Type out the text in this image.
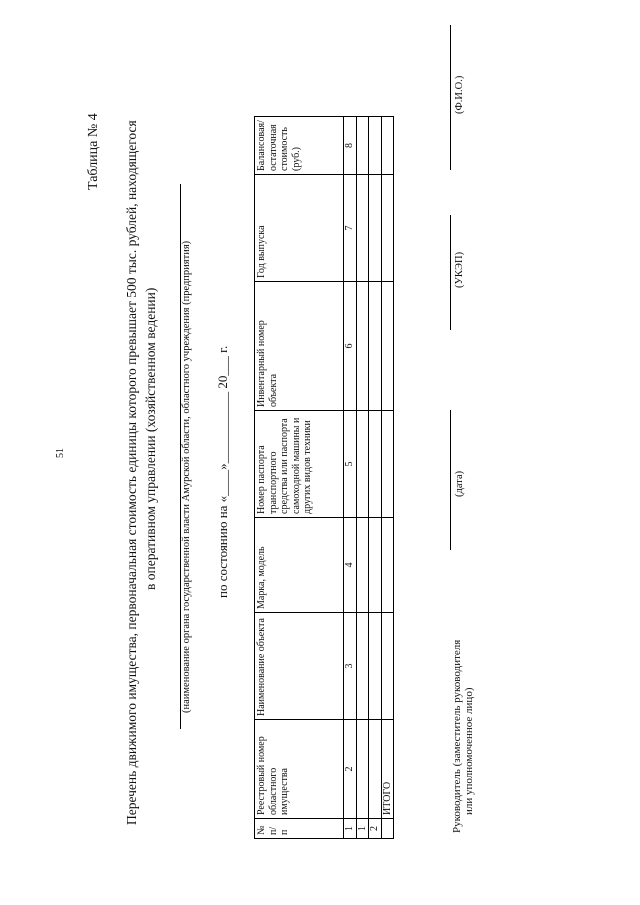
51
Таблица № 4 Перечень движимого имущества, первоначальная стоимость единицы которого превышает 500 тыс. рублей, находящегося в оперативном управлении (хозяйственном ведении) (наименование органа государственной власти Амурской области, областного учреждения (предприятия) по состоянию на «____»___________ 20___ г.
№ п/п	Реестровый номер областного имущества	Наименование объекта	Марка, модель	Номер паспорта транспортного средства или паспорта самоходной машины и других видов техники	Инвентарный номер объекта	Год выпуска	Балансовая/ остаточная стоимость (руб.)
1	2	3	4	5	6	7	8
1							
2							
	ИТОГО							Руководитель (заместитель руководителя или уполномоченное лицо)
(дата)
(УКЭП)
(Ф.И.О.)
